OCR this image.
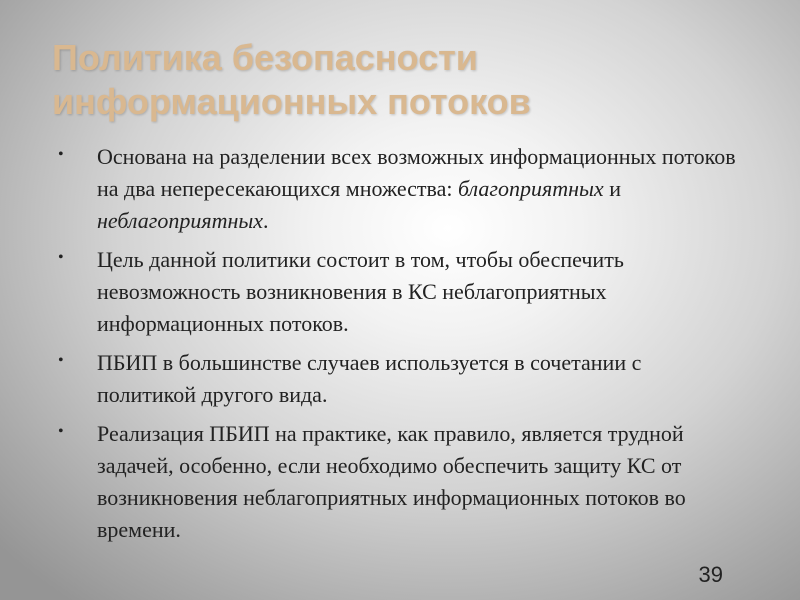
Политика безопасности
информационных потоков
• Основана на разделении всех возможных информационных потоков на два непересекающихся множества: благоприятных и неблагоприятных.
• Цель данной политики состоит в том, чтобы обеспечить невозможность возникновения в КС неблагоприятных информационных потоков.
• ПБИП в большинстве случаев используется в сочетании с политикой другого вида.
• Реализация ПБИП на практике, как правило, является трудной задачей, особенно, если необходимо обеспечить защиту КС от возникновения неблагоприятных информационных потоков во времени.
39
